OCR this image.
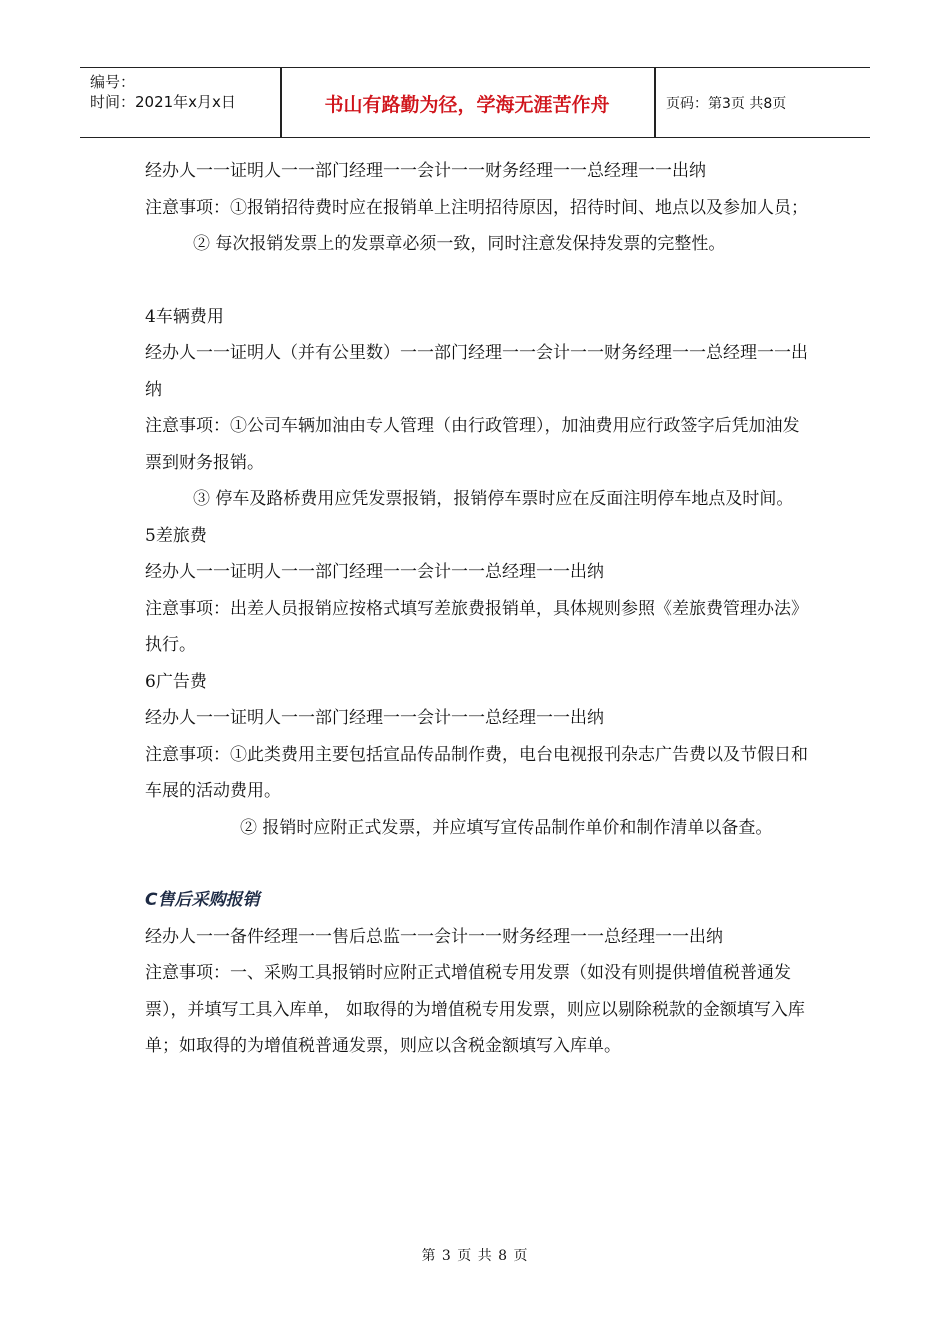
编号：
时间：2021年x月x日	书山有路勤为径，学海无涯苦作舟	页码：第3页 共8页

经办人一一证明人一一部门经理一一会计一一财务经理一一总经理一一出纳

注意事项：①报销招待费时应在报销单上注明招待原因，招待时间、地点以及参加人员；

② 每次报销发票上的发票章必须一致，同时注意发保持发票的完整性。

4车辆费用

经办人一一证明人（并有公里数）一一部门经理一一会计一一财务经理一一总经理一一出纳

注意事项：①公司车辆加油由专人管理（由行政管理），加油费用应行政签字后凭加油发票到财务报销。

③ 停车及路桥费用应凭发票报销，报销停车票时应在反面注明停车地点及时间。

5差旅费

经办人一一证明人一一部门经理一一会计一一总经理一一出纳

注意事项：出差人员报销应按格式填写差旅费报销单，具体规则参照《差旅费管理办法》执行。

6广告费

经办人一一证明人一一部门经理一一会计一一总经理一一出纳

注意事项：①此类费用主要包括宣品传品制作费，电台电视报刊杂志广告费以及节假日和车展的活动费用。

② 报销时应附正式发票，并应填写宣传品制作单价和制作清单以备查。

C售后采购报销

经办人一一备件经理一一售后总监一一会计一一财务经理一一总经理一一出纳

注意事项：一、采购工具报销时应附正式增值税专用发票（如没有则提供增值税普通发票），并填写工具入库单， 如取得的为增值税专用发票，则应以剔除税款的金额填写入库单；如取得的为增值税普通发票，则应以含税金额填写入库单。

第 3 页 共 8 页
